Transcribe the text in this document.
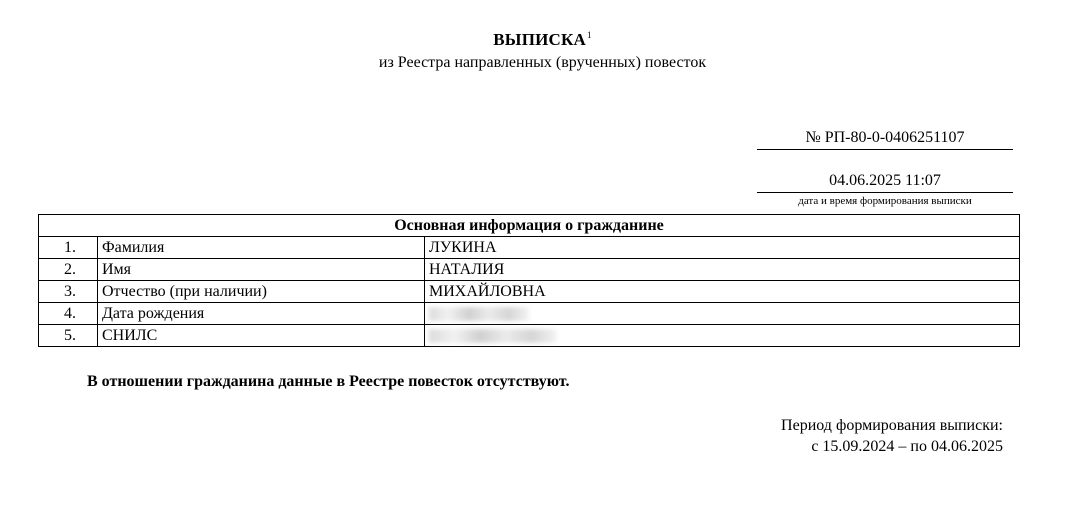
ВЫПИСКА$^1$
из Реестра направленных (врученных) повесток
№ РП-80-0-0406251107
04.06.2025 11:07
дата и время формирования выписки
Основная информация о гражданине		
1.	Фамилия	ЛУКИНА
2.	Имя	НАТАЛИЯ
3.	Отчество (при наличии)	МИХАЙЛОВНА
4.	Дата рождения	
5.	СНИЛС	
В отношении гражданина данные в Реестре повесток отсутствуют.
Период формирования выписки:
с 15.09.2024 – по 04.06.2025
